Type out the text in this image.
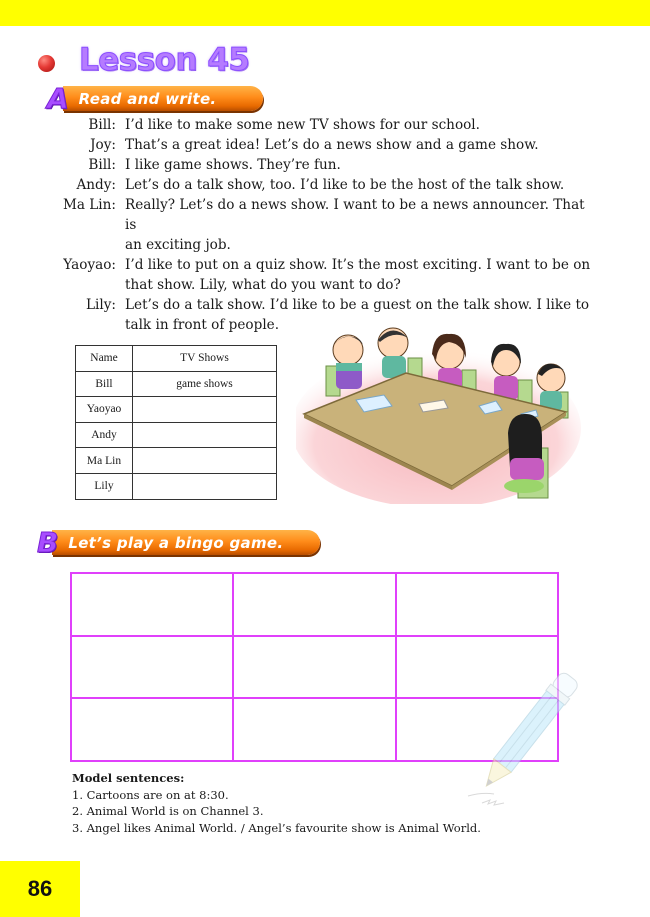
Lesson 45
A Read and write.
Bill: I’d like to make some new TV shows for our school.
Joy: That’s a great idea! Let’s do a news show and a game show.
Bill: I like game shows. They’re fun.
Andy: Let’s do a talk show, too. I’d like to be the host of the talk show.
Ma Lin: Really? Let’s do a news show. I want to be a news announcer. That is
an exciting job.
Yaoyao: I’d like to put on a quiz show. It’s the most exciting. I want to be on
that show. Lily, what do you want to do?
Lily: Let’s do a talk show. I’d like to be a guest on the talk show. I like to
talk in front of people.
Name	TV Shows
Bill	game shows
Yaoyao	
Andy	
Ma Lin	
Lily	
B Let’s play a bingo game.
Model sentences:
1. Cartoons are on at 8:30.
2. Animal World is on Channel 3.
3. Angel likes Animal World. / Angel’s favourite show is Animal World.
86
